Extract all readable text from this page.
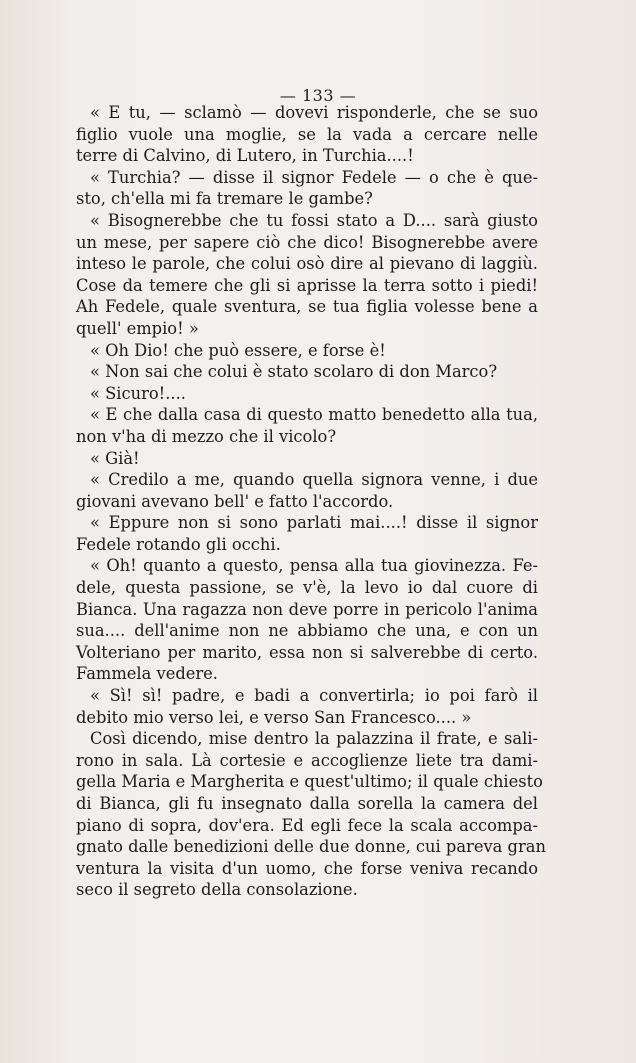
— 133 —
« E tu, — sclamò — dovevi risponderle, che se suo
figlio vuole una moglie, se la vada a cercare nelle
terre di Calvino, di Lutero, in Turchia....!
« Turchia? — disse il signor Fedele — o che è que-
sto, ch'ella mi fa tremare le gambe?
« Bisognerebbe che tu fossi stato a D.... sarà giusto
un mese, per sapere ciò che dico! Bisognerebbe avere
inteso le parole, che colui osò dire al pievano di laggiù.
Cose da temere che gli si aprisse la terra sotto i piedi!
Ah Fedele, quale sventura, se tua figlia volesse bene a
quell' empio! »
« Oh Dio! che può essere, e forse è!
« Non sai che colui è stato scolaro di don Marco?
« Sicuro!....
« E che dalla casa di questo matto benedetto alla tua,
non v'ha di mezzo che il vicolo?
« Già!
« Credilo a me, quando quella signora venne, i due
giovani avevano bell' e fatto l'accordo.
« Eppure non si sono parlati mai....! disse il signor
Fedele rotando gli occhi.
« Oh! quanto a questo, pensa alla tua giovinezza. Fe-
dele, questa passione, se v'è, la levo io dal cuore di
Bianca. Una ragazza non deve porre in pericolo l'anima
sua.... dell'anime non ne abbiamo che una, e con un
Volteriano per marito, essa non si salverebbe di certo.
Fammela vedere.
« Sì! sì! padre, e badi a convertirla; io poi farò il
debito mio verso lei, e verso San Francesco.... »
Così dicendo, mise dentro la palazzina il frate, e sali-
rono in sala. Là cortesie e accoglienze liete tra dami-
gella Maria e Margherita e quest'ultimo; il quale chiesto
di Bianca, gli fu insegnato dalla sorella la camera del
piano di sopra, dov'era. Ed egli fece la scala accompa-
gnato dalle benedizioni delle due donne, cui pareva gran
ventura la visita d'un uomo, che forse veniva recando
seco il segreto della consolazione.
